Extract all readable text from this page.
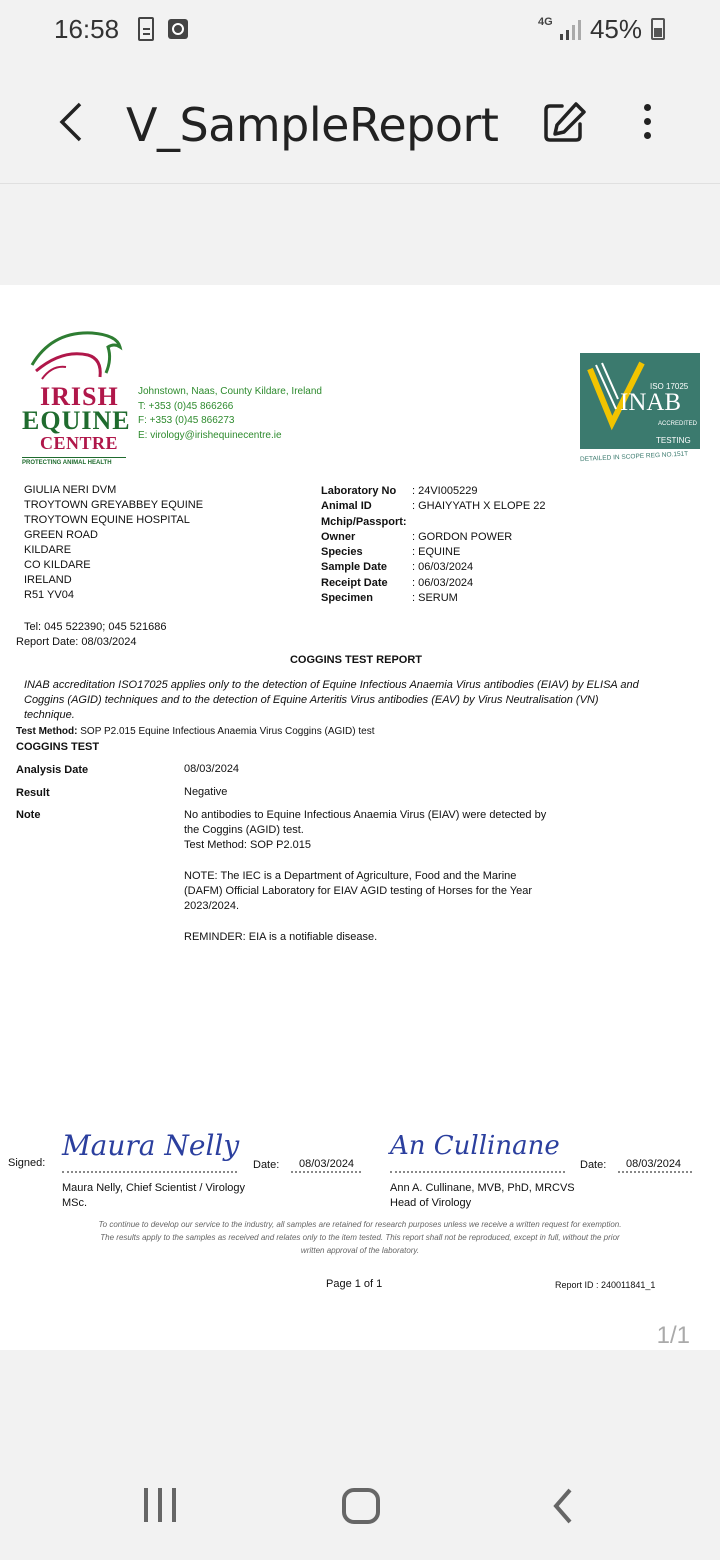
16:58	4G 45%
V_SampleReport
IRISH
EQUINE
CENTRE
PROTECTING ANIMAL HEALTH
Johnstown, Naas, County Kildare, Ireland
T: +353 (0)45 866266
F: +353 (0)45 866273
E: virology@irishequinecentre.ie
ISO 17025
INAB
ACCREDITED
TESTING
DETAILED IN SCOPE REG NO.151T
GIULIA NERI DVM
TROYTOWN GREYABBEY EQUINE
TROYTOWN EQUINE HOSPITAL
GREEN ROAD
KILDARE
CO KILDARE
IRELAND
R51 YV04
Laboratory No : 24VI005229
Animal ID	: GHAIYYATH X ELOPE 22
Mchip/Passport:
Owner	: GORDON POWER
Species	: EQUINE
Sample Date : 06/03/2024
Receipt Date : 06/03/2024
Specimen	: SERUM
Tel: 045 522390; 045 521686
Report Date: 08/03/2024
COGGINS TEST REPORT
INAB accreditation ISO17025 applies only to the detection of Equine Infectious Anaemia Virus antibodies (EIAV) by ELISA and Coggins (AGID) techniques and to the detection of Equine Arteritis Virus antibodies (EAV) by Virus Neutralisation (VN) technique.
Test Method: SOP P2.015 Equine Infectious Anaemia Virus Coggins (AGID) test
COGGINS TEST
Analysis Date	08/03/2024
Result	Negative
Note	No antibodies to Equine Infectious Anaemia Virus (EIAV) were detected by
the Coggins (AGID) test.
Test Method: SOP P2.015
NOTE: The IEC is a Department of Agriculture, Food and the Marine
(DAFM) Official Laboratory for EIAV AGID testing of Horses for the Year
2023/2024.
REMINDER: EIA is a notifiable disease.
Signed:
Maura Nelly
Date: 08/03/2024
Maura Nelly, Chief Scientist / Virology
MSc.
An Cullinane
Date: 08/03/2024
Ann A. Cullinane, MVB, PhD, MRCVS
Head of Virology
To continue to develop our service to the industry, all samples are retained for research purposes unless we receive a written request for exemption.
The results apply to the samples as received and relates only to the item tested. This report shall not be reproduced, except in full, without the prior
written approval of the laboratory.
Page 1 of 1	Report ID : 240011841_1
1/1
